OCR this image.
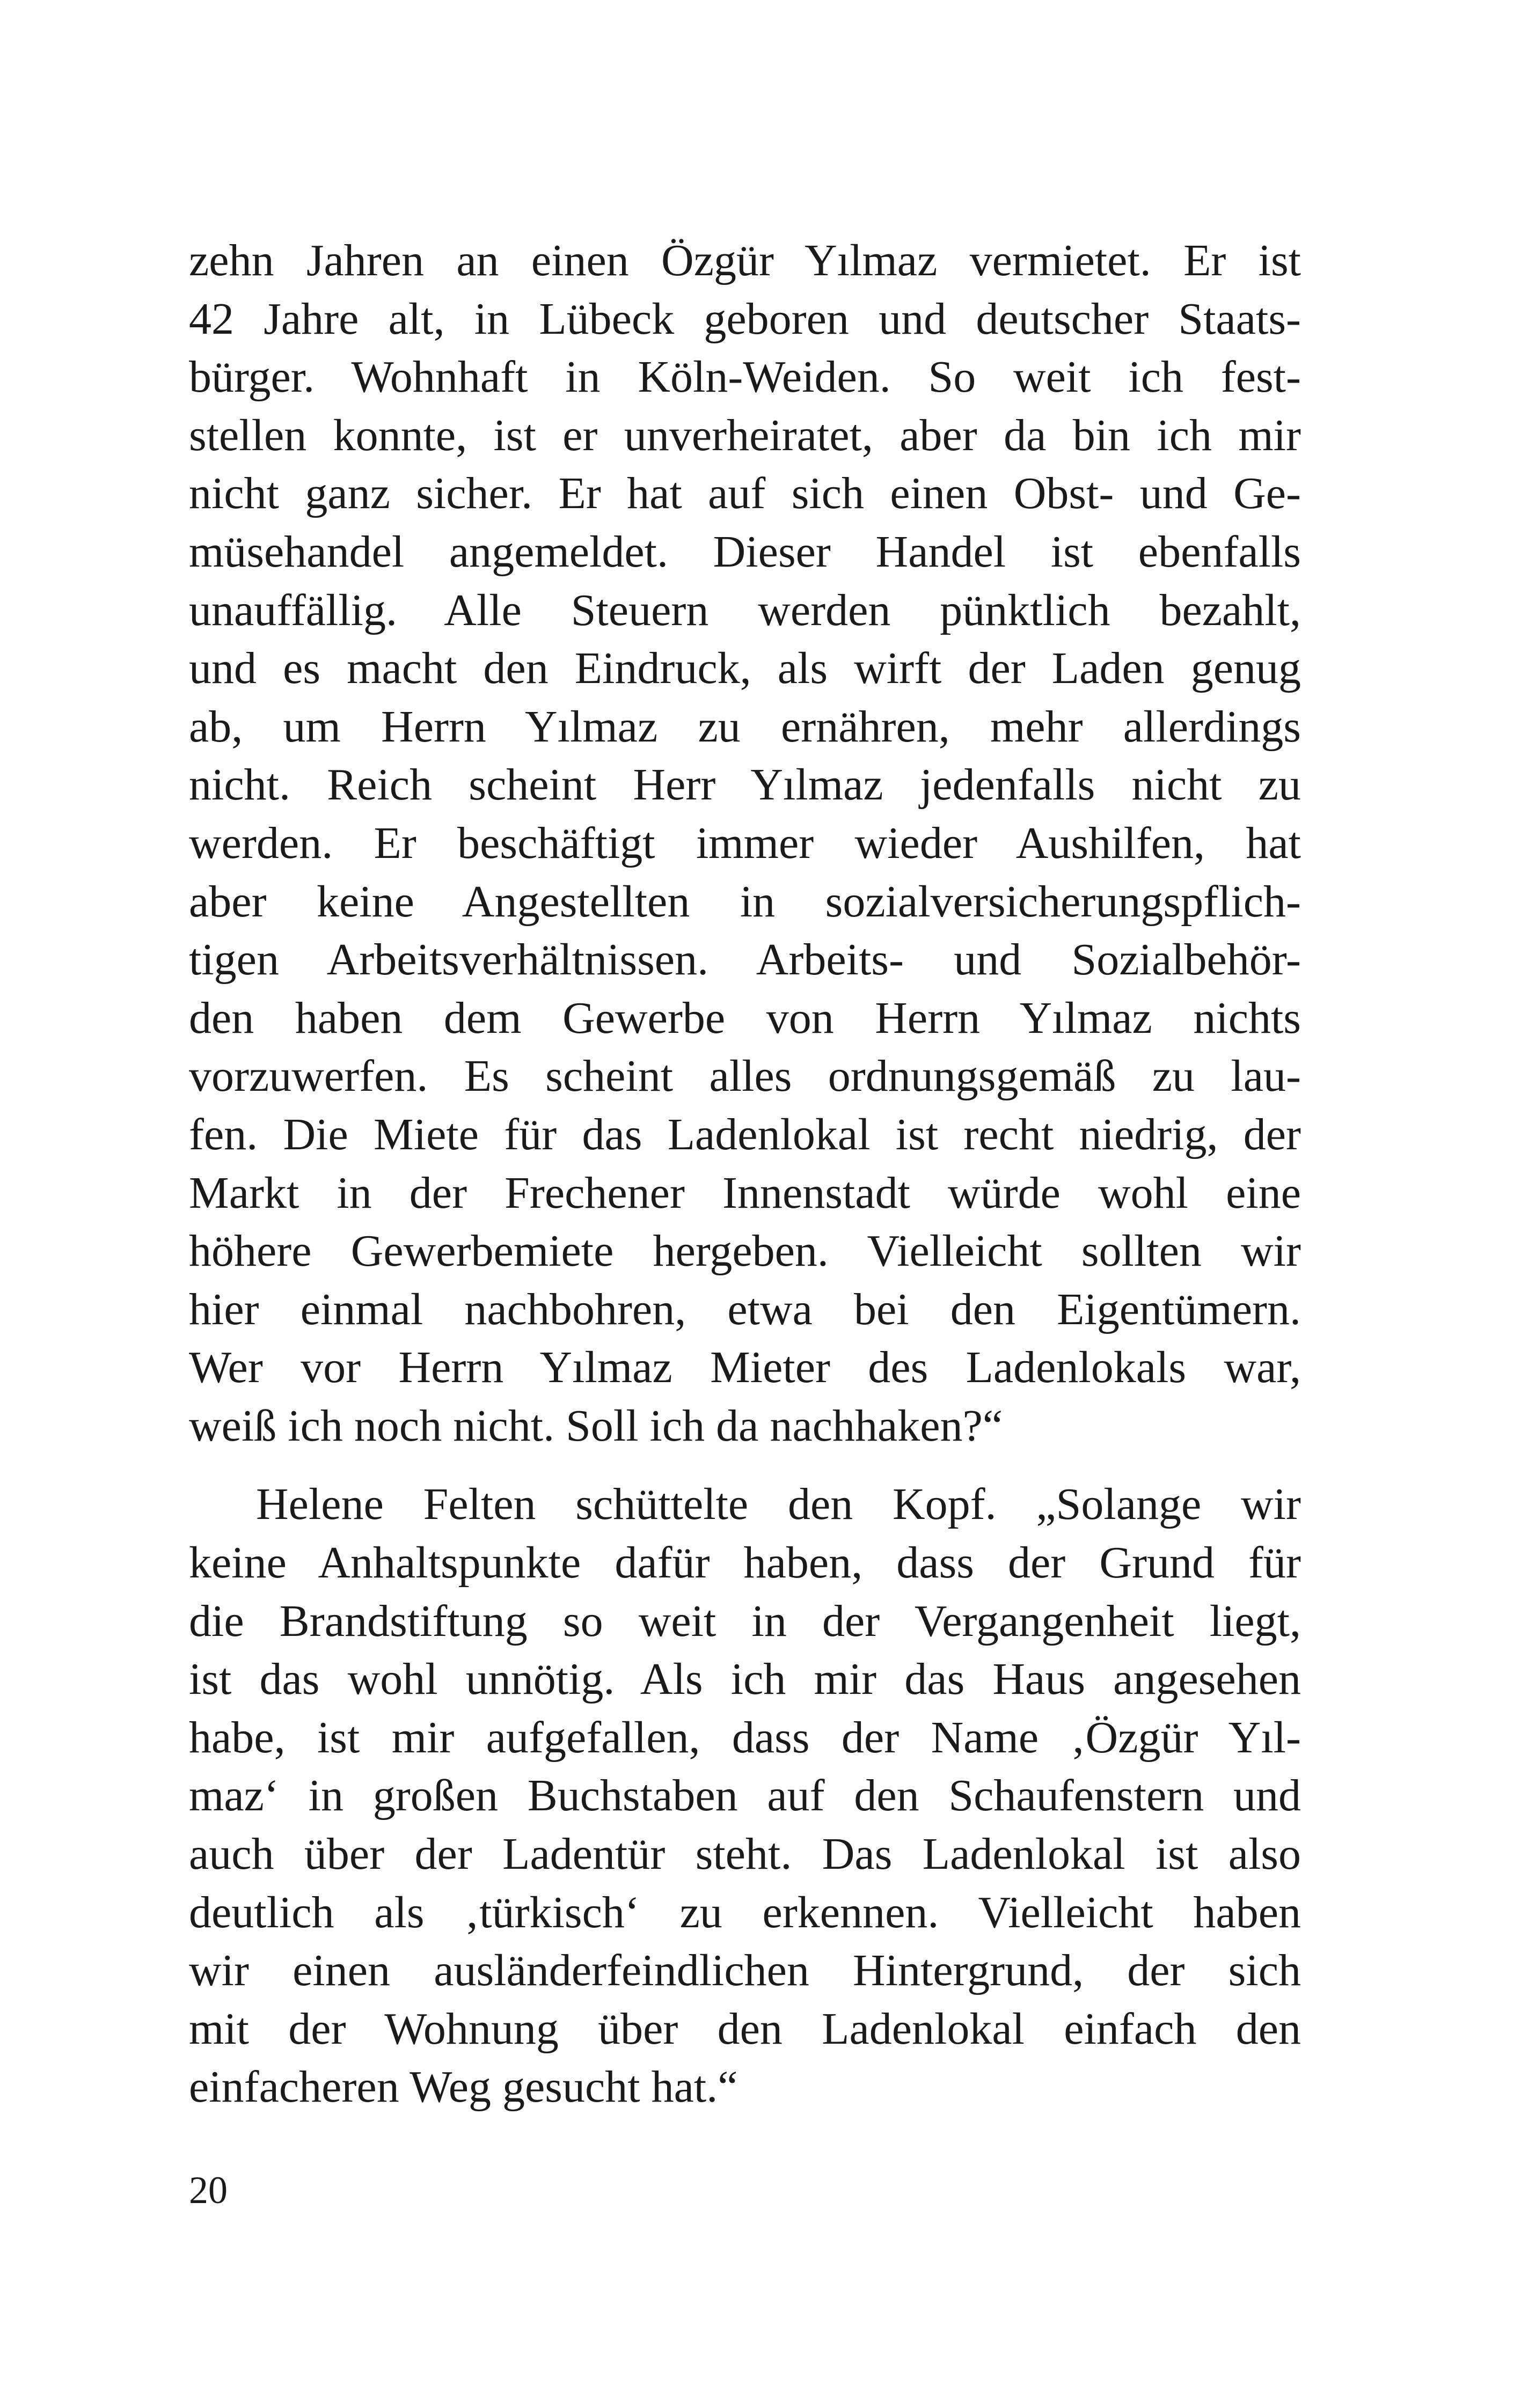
zehn Jahren an einen Özgür Yılmaz vermietet. Er ist
42 Jahre alt, in Lübeck geboren und deutscher Staats-
bürger. Wohnhaft in Köln-Weiden. So weit ich fest-
stellen konnte, ist er unverheiratet, aber da bin ich mir
nicht ganz sicher. Er hat auf sich einen Obst- und Ge-
müsehandel angemeldet. Dieser Handel ist ebenfalls
unauffällig. Alle Steuern werden pünktlich bezahlt,
und es macht den Eindruck, als wirft der Laden genug
ab, um Herrn Yılmaz zu ernähren, mehr allerdings
nicht. Reich scheint Herr Yılmaz jedenfalls nicht zu
werden. Er beschäftigt immer wieder Aushilfen, hat
aber keine Angestellten in sozialversicherungspflich-
tigen Arbeitsverhältnissen. Arbeits- und Sozialbehör-
den haben dem Gewerbe von Herrn Yılmaz nichts
vorzuwerfen. Es scheint alles ordnungsgemäß zu lau-
fen. Die Miete für das Ladenlokal ist recht niedrig, der
Markt in der Frechener Innenstadt würde wohl eine
höhere Gewerbemiete hergeben. Vielleicht sollten wir
hier einmal nachbohren, etwa bei den Eigentümern.
Wer vor Herrn Yılmaz Mieter des Ladenlokals war,
weiß ich noch nicht. Soll ich da nachhaken?“
Helene Felten schüttelte den Kopf. „Solange wir
keine Anhaltspunkte dafür haben, dass der Grund für
die Brandstiftung so weit in der Vergangenheit liegt,
ist das wohl unnötig. Als ich mir das Haus angesehen
habe, ist mir aufgefallen, dass der Name ‚Özgür Yıl-
maz‘ in großen Buchstaben auf den Schaufenstern und
auch über der Ladentür steht. Das Ladenlokal ist also
deutlich als ‚türkisch‘ zu erkennen. Vielleicht haben
wir einen ausländerfeindlichen Hintergrund, der sich
mit der Wohnung über den Ladenlokal einfach den
einfacheren Weg gesucht hat.“
20
